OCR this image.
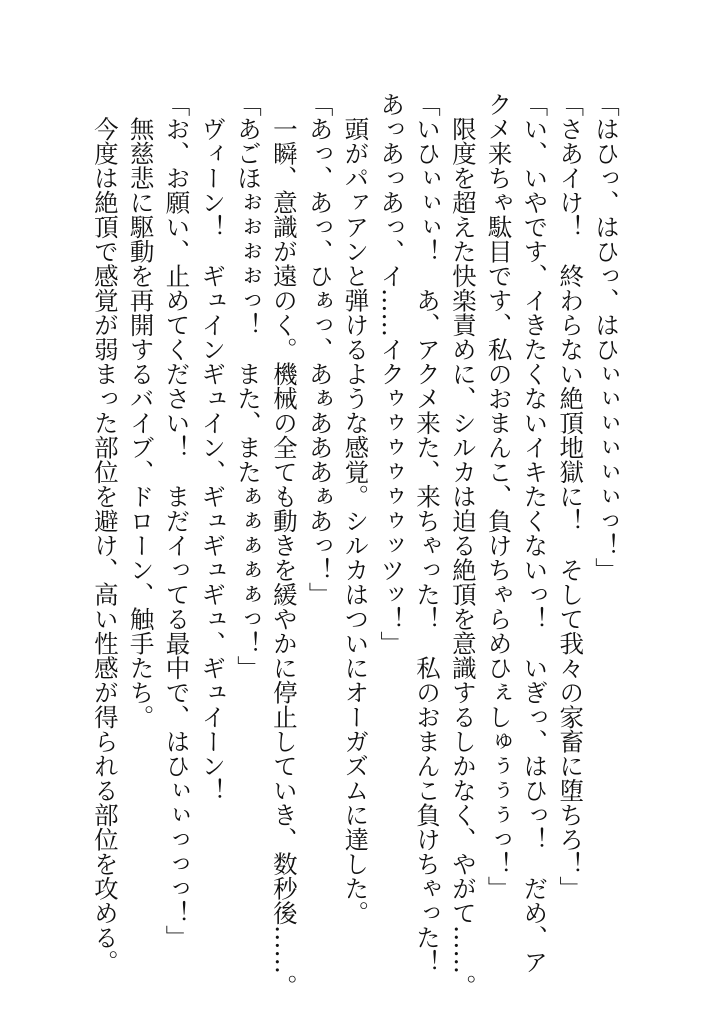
「はひっ、はひっ、はひぃぃぃぃぃぃっ！」
「さあイけ！　終わらない絶頂地獄に！　そして我々の家畜に堕ちろ！」
「い、いやです、イきたくないイキたくないっ！　いぎっ、はひっ！　だめ、ア
クメ来ちゃ駄目です、私のおまんこ、負けちゃらめひぇしゅぅぅぅっ！」
　限度を超えた快楽責めに、シルカは迫る絶頂を意識するしかなく、やがて……。
「いひぃぃぃ！　あ、アクメ来た、来ちゃった！　私のおまんこ負けちゃった！
あっあっあっ、イ……イクゥゥゥゥゥゥッツッ！」
　頭がパァアンと弾けるような感覚。シルカはついにオーガズムに達した。
「あっ、あっ、ひぁっ、あぁあああぁあっ！」
　一瞬、意識が遠のく。機械の全ても動きを緩やかに停止していき、数秒後……。
「あごほぉぉぉぉっ！　また、またぁぁぁぁぁっ！」
　ヴィーン！　ギュインギュイン、ギュギュギュ、ギュイーン！
「お、お願い、止めてください！　まだイってる最中で、はひぃぃっっっ！」
　無慈悲に駆動を再開するバイブ、ドローン、触手たち。
　今度は絶頂で感覚が弱まった部位を避け、高い性感が得られる部位を攻める。
